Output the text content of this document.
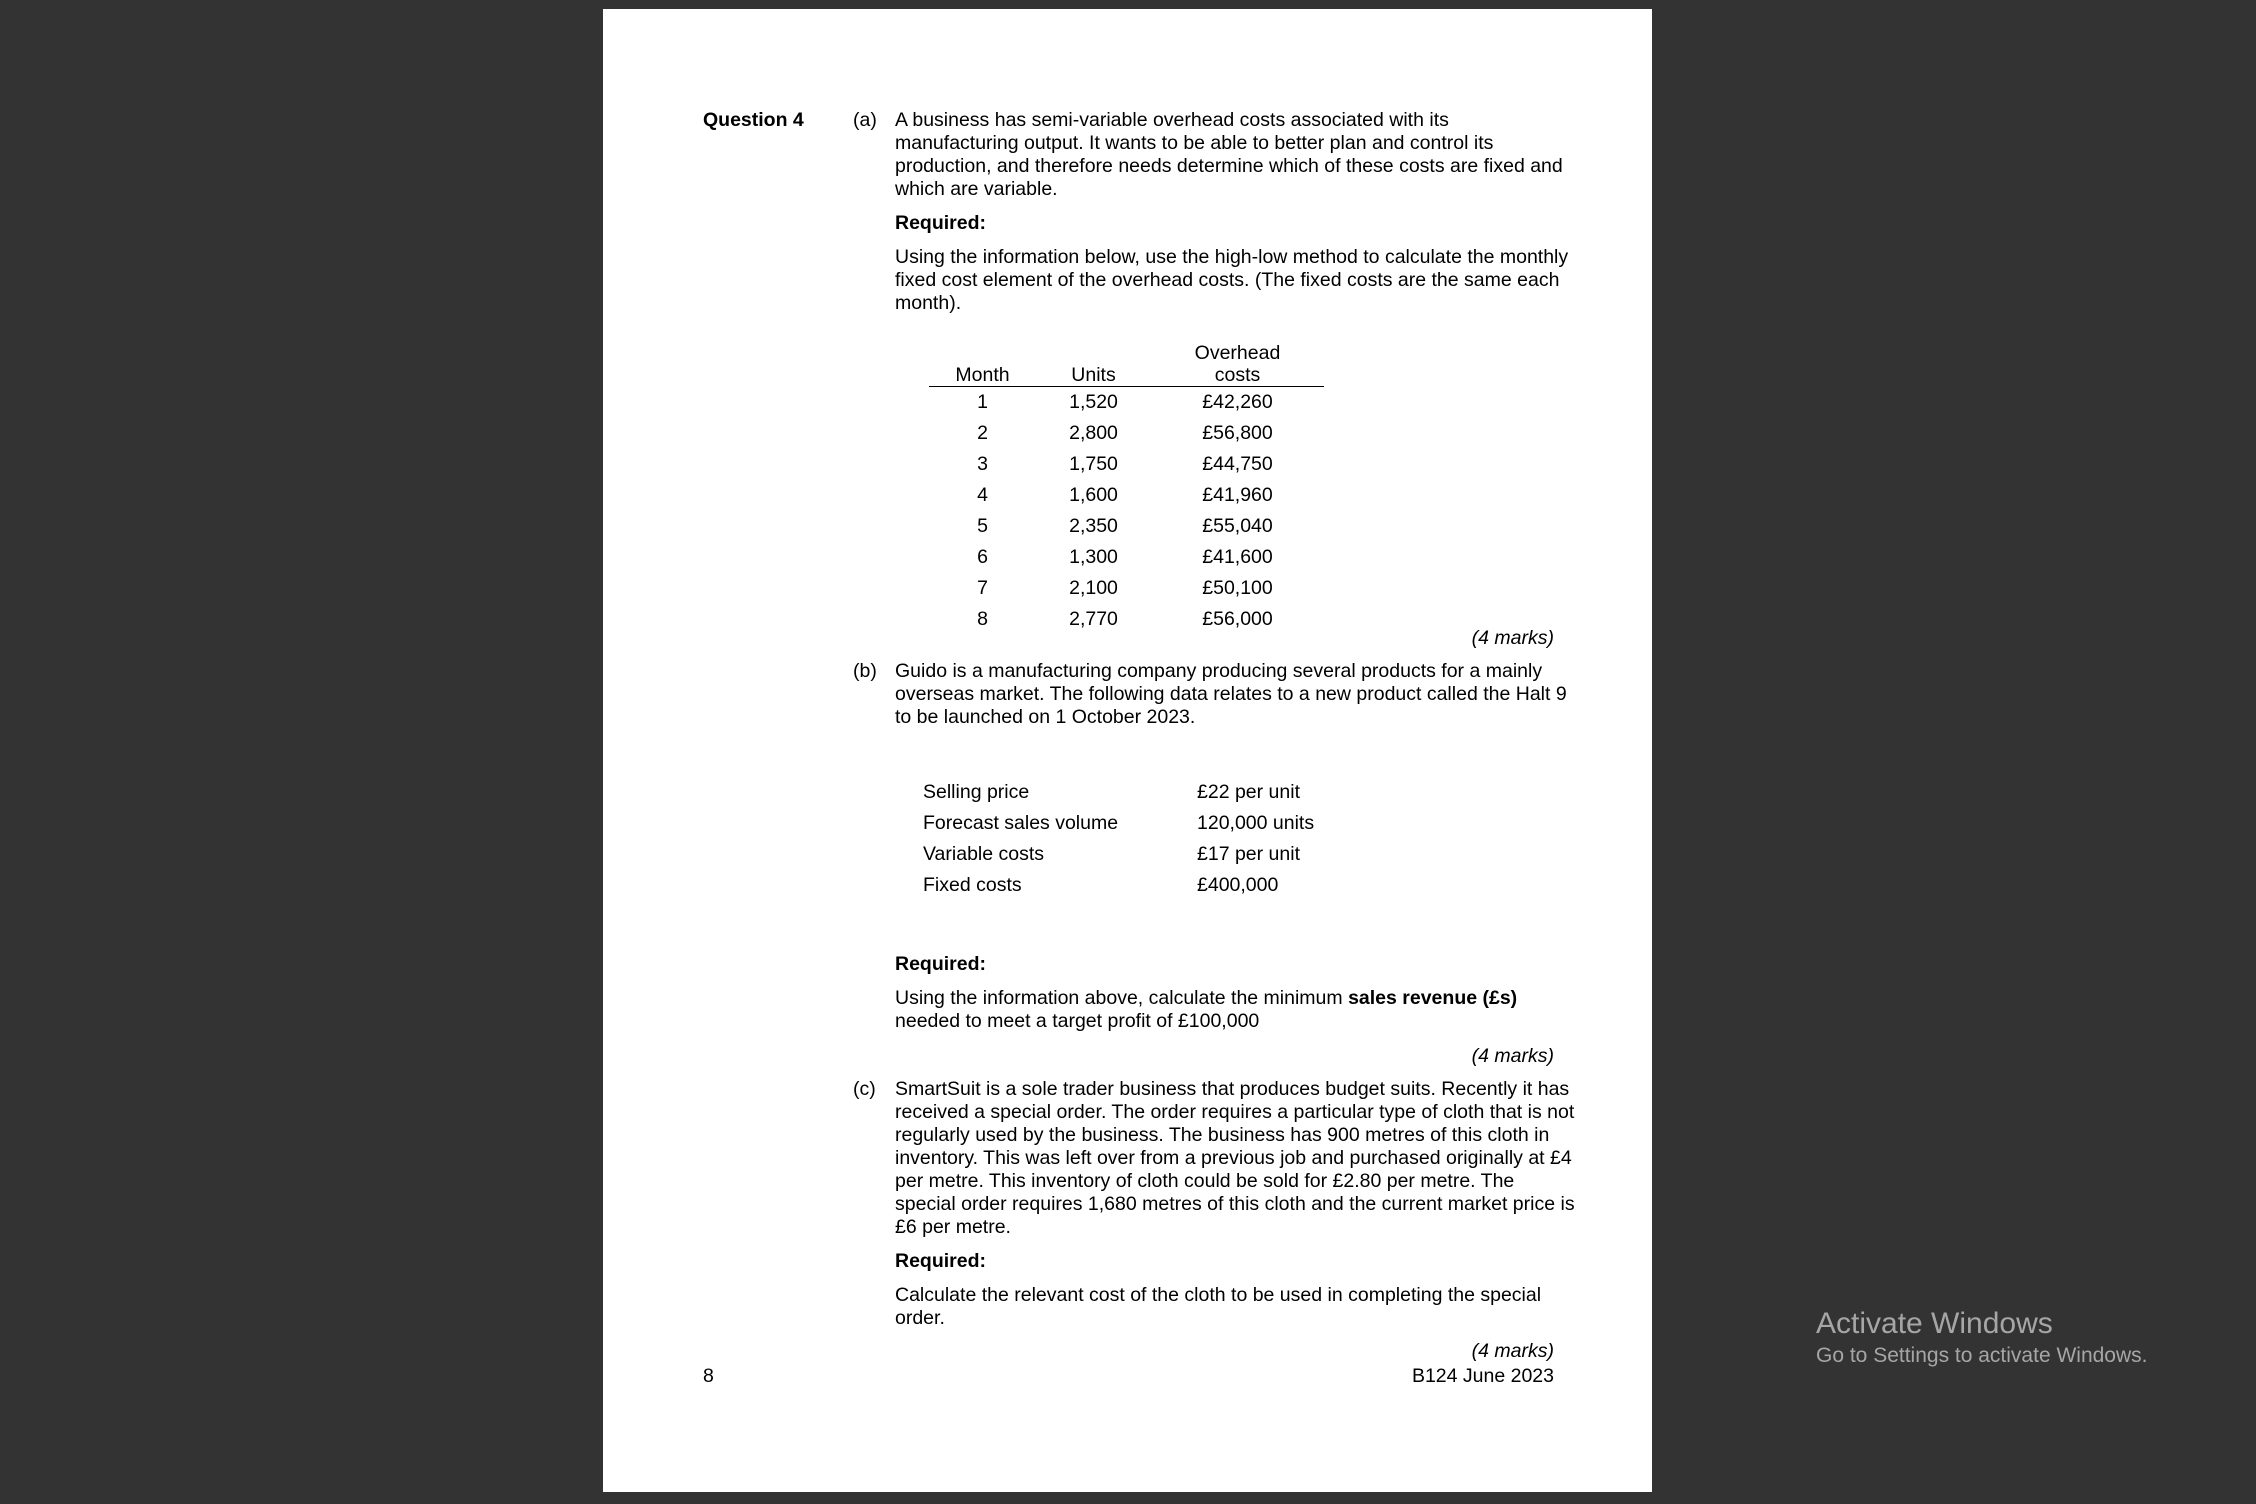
Question 4	(a) A business has semi-variable overhead costs associated with its manufacturing output. It wants to be able to better plan and control its production, and therefore needs determine which of these costs are fixed and which are variable.
Required:
Using the information below, use the high-low method to calculate the monthly fixed cost element of the overhead costs. (The fixed costs are the same each month).
Month	Units	Overhead costs

1	1,520	£42,260
2	2,800	£56,800
3	1,750	£44,750
4	1,600	£41,960
5	2,350	£55,040
6	1,300	£41,600
7	2,100	£50,100
8	2,770	£56,000
(4 marks)
(b) Guido is a manufacturing company producing several products for a mainly overseas market. The following data relates to a new product called the Halt 9 to be launched on 1 October 2023.
Selling price	£22 per unit
Forecast sales volume	120,000 units
Variable costs	£17 per unit
Fixed costs	£400,000
Required:
Using the information above, calculate the minimum sales revenue (£s) needed to meet a target profit of £100,000
(4 marks)
(c) SmartSuit is a sole trader business that produces budget suits. Recently it has received a special order. The order requires a particular type of cloth that is not regularly used by the business. The business has 900 metres of this cloth in inventory. This was left over from a previous job and purchased originally at £4 per metre. This inventory of cloth could be sold for £2.80 per metre. The special order requires 1,680 metres of this cloth and the current market price is £6 per metre.
Required:
Calculate the relevant cost of the cloth to be used in completing the special order.
(4 marks)
8	B124 June 2023
Activate Windows
Go to Settings to activate Windows.
